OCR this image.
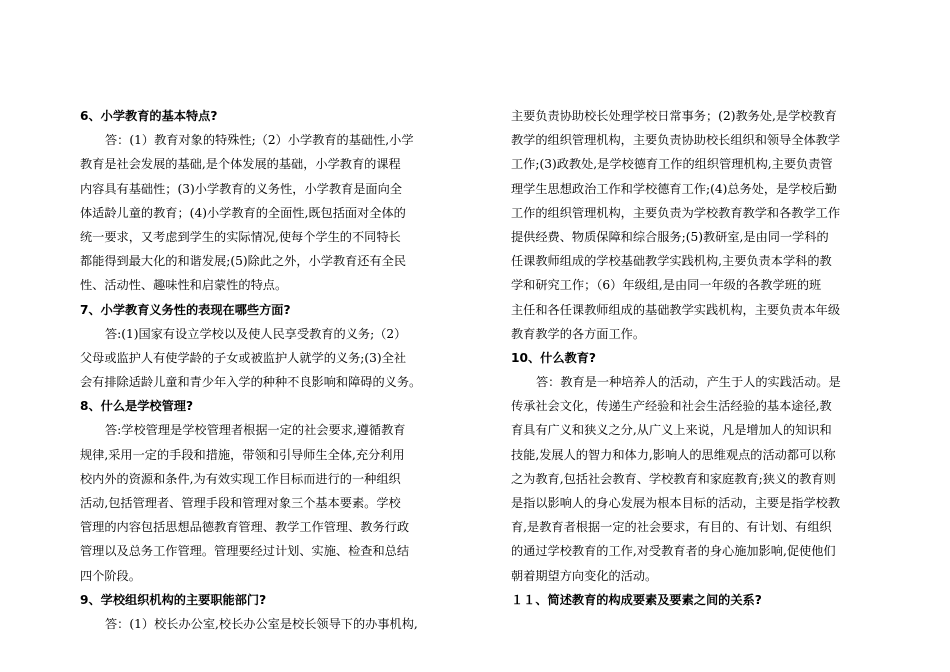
6、小学教育的基本特点?
答：(1）教育对象的特殊性;（2）小学教育的基础性,小学
教育是社会发展的基础,是个体发展的基础，小学教育的课程
内容具有基础性；(3)小学教育的义务性，小学教育是面向全
体适龄儿童的教育；(4)小学教育的全面性,既包括面对全体的
统一要求，又考虑到学生的实际情况,使每个学生的不同特长
都能得到最大化的和谐发展;(5)除此之外，小学教育还有全民
性、活动性、趣味性和启蒙性的特点。
7、小学教育义务性的表现在哪些方面?
答:(1)国家有设立学校以及使人民享受教育的义务;（2）
父母或监护人有使学龄的子女或被监护人就学的义务;(3)全社
会有排除适龄儿童和青少年入学的种种不良影响和障碍的义务。
8、什么是学校管理?
答:学校管理是学校管理者根据一定的社会要求,遵循教育
规律,采用一定的手段和措施，带领和引导师生全体,充分利用
校内外的资源和条件,为有效实现工作目标而进行的一种组织
活动,包括管理者、管理手段和管理对象三个基本要素。学校
管理的内容包括思想品德教育管理、教学工作管理、教务行政
管理以及总务工作管理。管理要经过计划、实施、检查和总结
四个阶段。
9、学校组织机构的主要职能部门?
答：(1）校长办公室,校长办公室是校长领导下的办事机构,
主要负责协助校长处理学校日常事务；(2)教务处,是学校教育
教学的组织管理机构，主要负责协助校长组织和领导全体教学
工作;(3)政教处,是学校德育工作的组织管理机构,主要负责管
理学生思想政治工作和学校德育工作;(4)总务处，是学校后勤
工作的组织管理机构，主要负责为学校教育教学和各教学工作
提供经费、物质保障和综合服务;(5)教研室,是由同一学科的
任课教师组成的学校基础教学实践机构,主要负责本学科的教
学和研究工作；（6）年级组,是由同一年级的各教学班的班
主任和各任课教师组成的基础教学实践机构，主要负责本年级
教育教学的各方面工作。
10、什么教育?
答：教育是一种培养人的活动，产生于人的实践活动。是
传承社会文化，传递生产经验和社会生活经验的基本途径,教
育具有广义和狭义之分,从广义上来说，凡是增加人的知识和
技能,发展人的智力和体力,影响人的思维观点的活动都可以称
之为教育,包括社会教育、学校教育和家庭教育;狭义的教育则
是指以影响人的身心发展为根本目标的活动，主要是指学校教
育,是教育者根据一定的社会要求，有目的、有计划、有组织
的通过学校教育的工作,对受教育者的身心施加影响,促使他们
朝着期望方向变化的活动。
１１、简述教育的构成要素及要素之间的关系?
